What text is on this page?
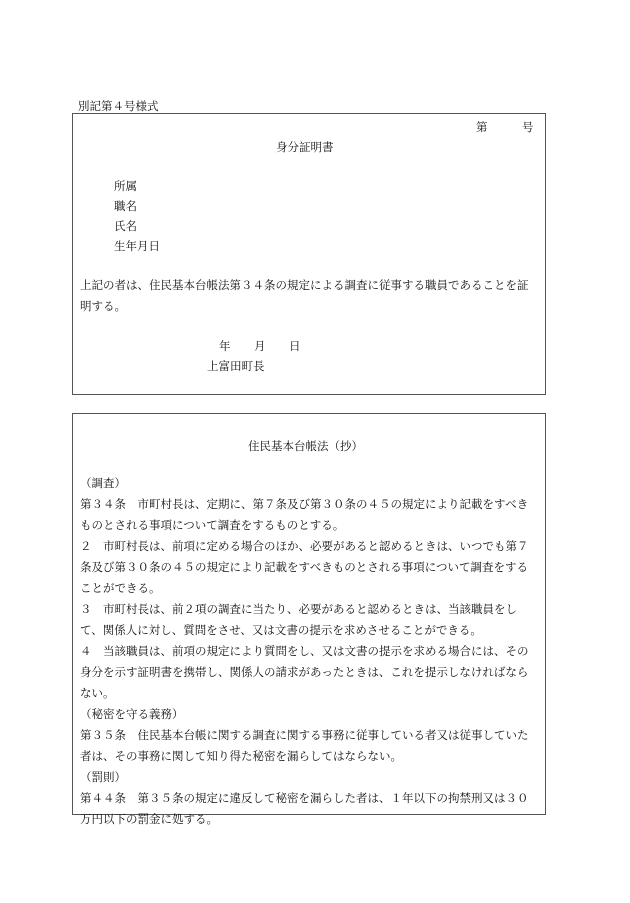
別記第４号様式
第	号
身分証明書
所属
職名
氏名
生年月日
上記の者は、住民基本台帳法第３４条の規定による調査に従事する職員であることを証明する。
年 月 日
上富田町長
住民基本台帳法（抄）
（調査）
第３４条　市町村長は、定期に、第７条及び第３０条の４５の規定により記載をすべきものとされる事項について調査をするものとする。
２　市町村長は、前項に定める場合のほか、必要があると認めるときは、いつでも第７条及び第３０条の４５の規定により記載をすべきものとされる事項について調査をすることができる。
３　市町村長は、前２項の調査に当たり、必要があると認めるときは、当該職員をして、関係人に対し、質問をさせ、又は文書の提示を求めさせることができる。
４　当該職員は、前項の規定により質問をし、又は文書の提示を求める場合には、その身分を示す証明書を携帯し、関係人の請求があったときは、これを提示しなければならない。
（秘密を守る義務）
第３５条　住民基本台帳に関する調査に関する事務に従事している者又は従事していた者は、その事務に関して知り得た秘密を漏らしてはならない。
（罰則）
第４４条　第３５条の規定に違反して秘密を漏らした者は、１年以下の拘禁刑又は３０万円以下の罰金に処する。
